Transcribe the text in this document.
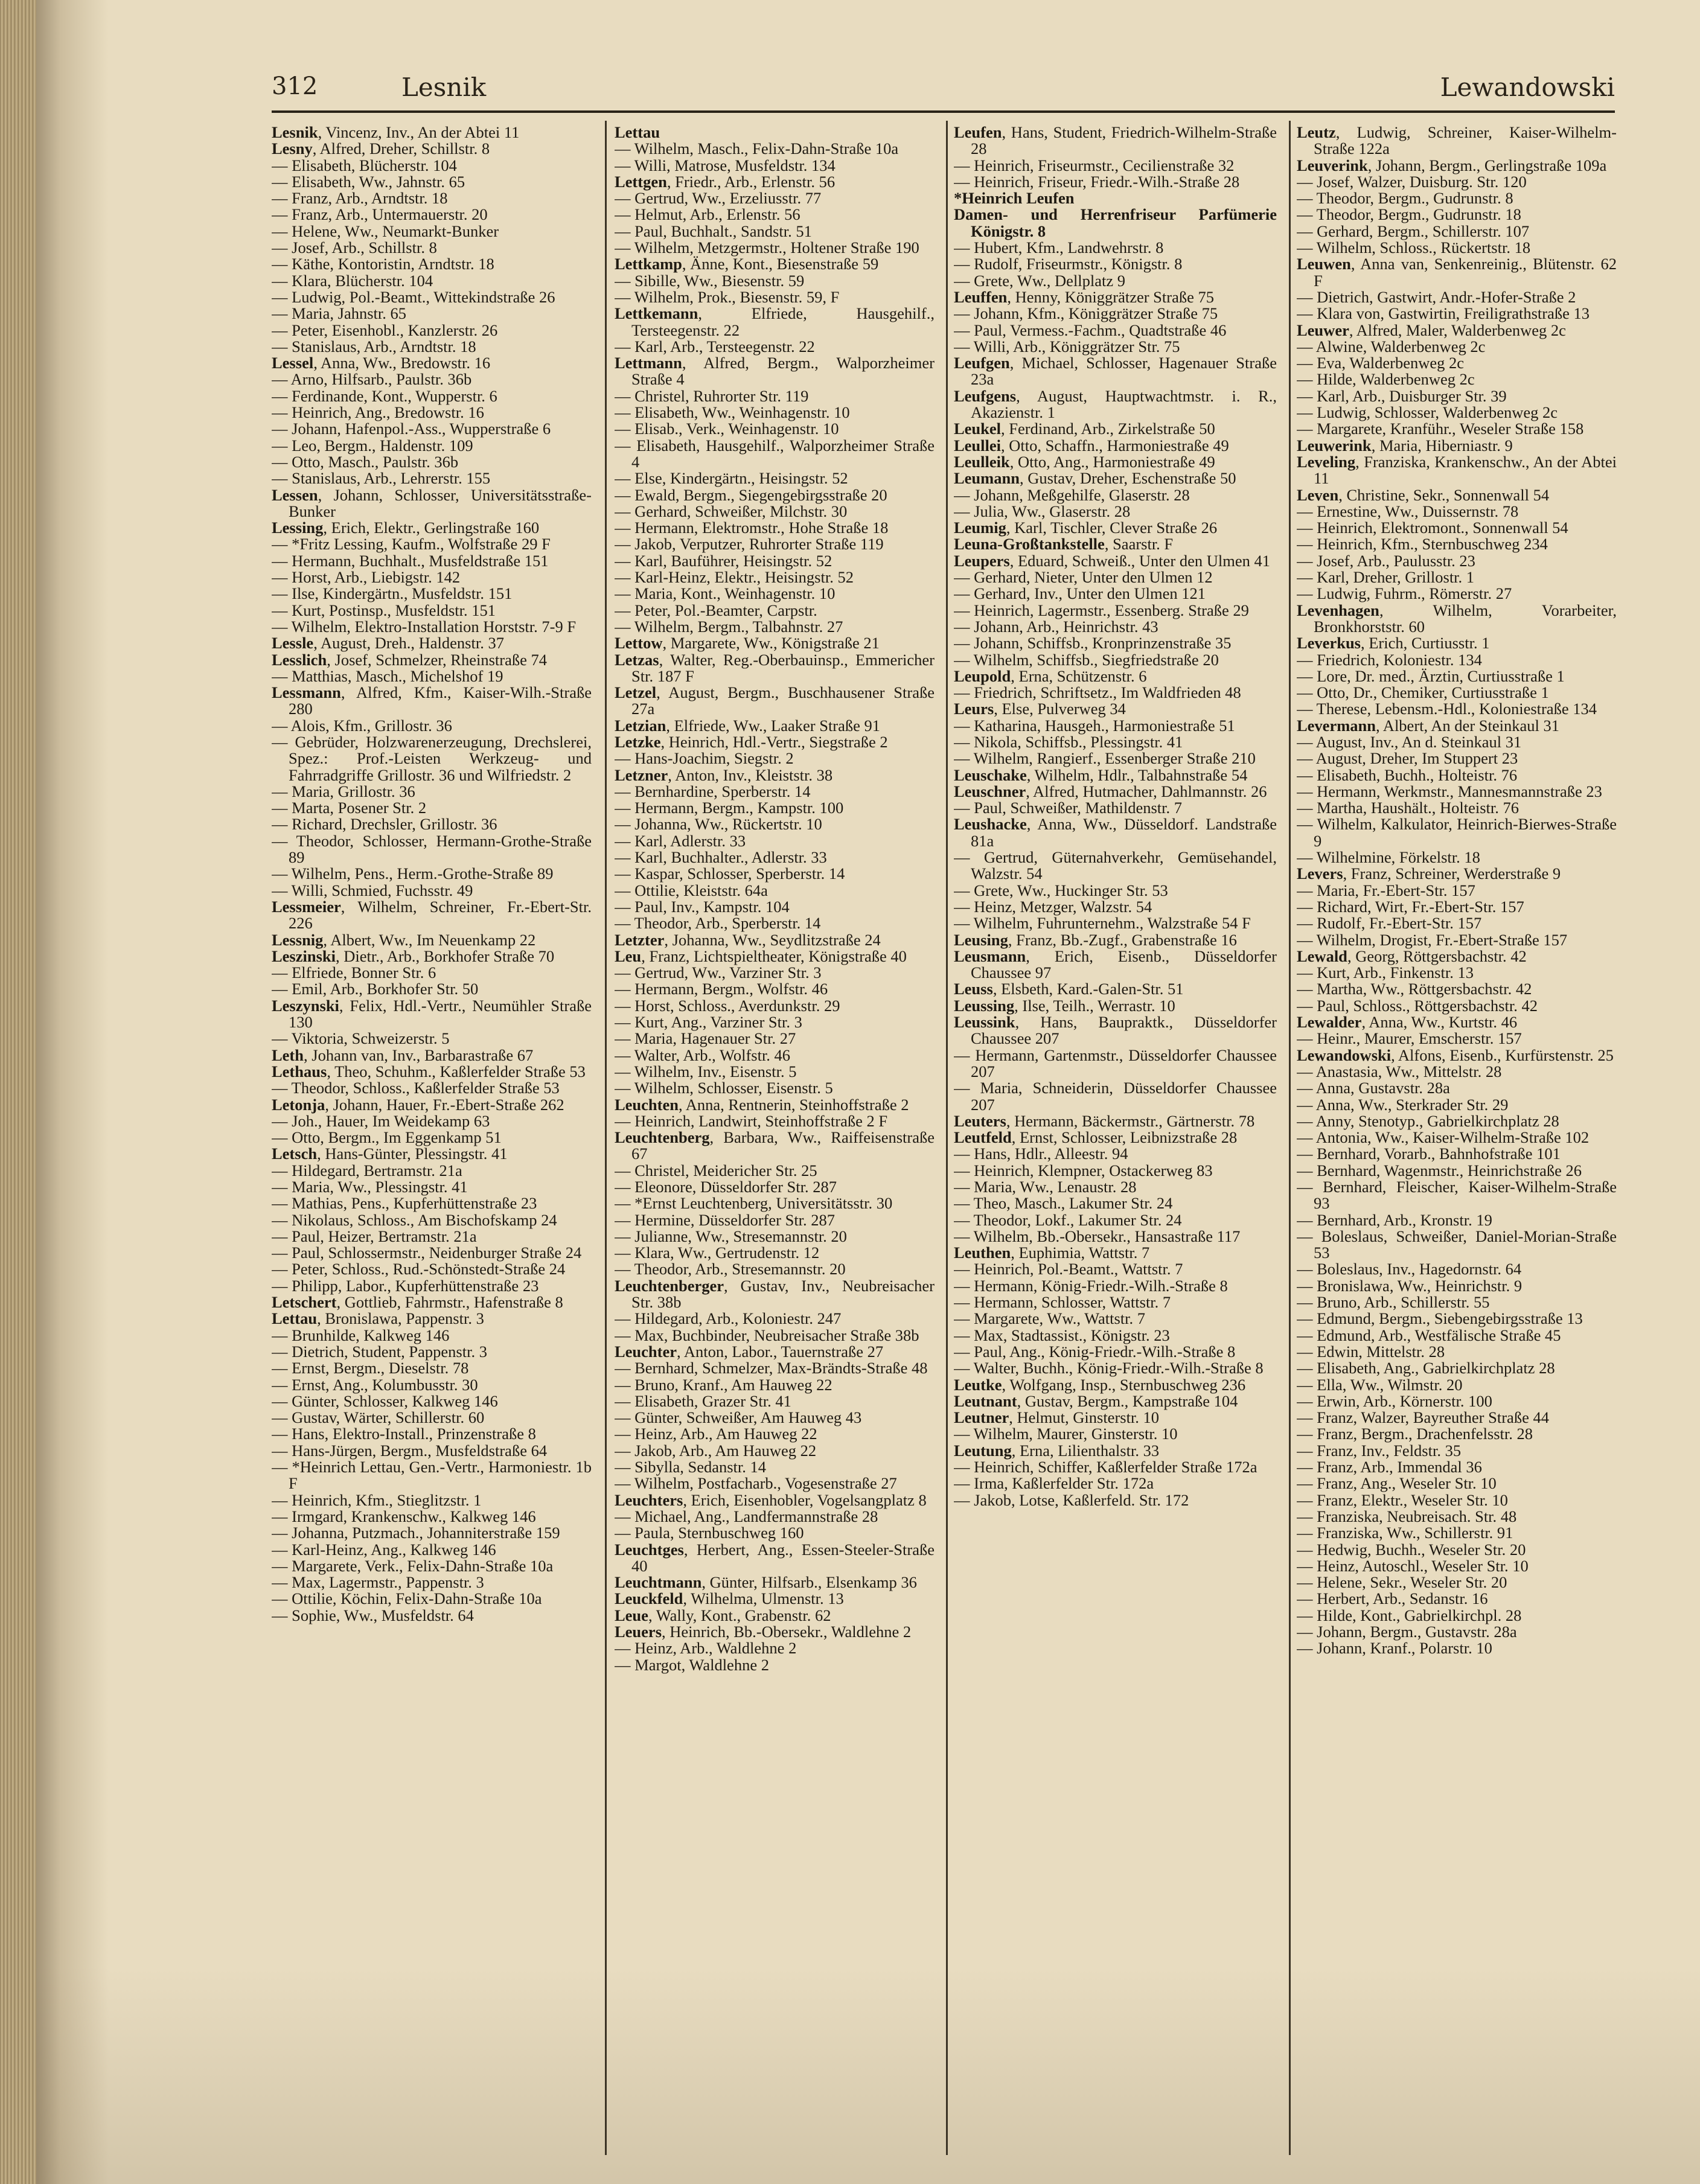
312	Lesnik	Lewandowski
Lesnik, Vincenz, Inv., An der Abtei 11
Lesny, Alfred, Dreher, Schillstr. 8
— Elisabeth, Blücherstr. 104
— Elisabeth, Ww., Jahnstr. 65
— Franz, Arb., Arndtstr. 18
— Franz, Arb., Untermauerstr. 20
— Helene, Ww., Neumarkt-Bunker
— Josef, Arb., Schillstr. 8
— Käthe, Kontoristin, Arndtstr. 18
— Klara, Blücherstr. 104
— Ludwig, Pol.-Beamt., Wittekindstraße 26
— Maria, Jahnstr. 65
— Peter, Eisenhobl., Kanzlerstr. 26
— Stanislaus, Arb., Arndtstr. 18
Lessel, Anna, Ww., Bredowstr. 16
— Arno, Hilfsarb., Paulstr. 36b
— Ferdinande, Kont., Wupperstr. 6
— Heinrich, Ang., Bredowstr. 16
— Johann, Hafenpol.-Ass., Wupperstraße 6
— Leo, Bergm., Haldenstr. 109
— Otto, Masch., Paulstr. 36b
— Stanislaus, Arb., Lehrerstr. 155
Lessen, Johann, Schlosser, Universitätsstraße-Bunker
Lessing, Erich, Elektr., Gerlingstraße 160
— *Fritz Lessing, Kaufm., Wolfstraße 29 F
— Hermann, Buchhalt., Musfeldstraße 151
— Horst, Arb., Liebigstr. 142
— Ilse, Kindergärtn., Musfeldstr. 151
— Kurt, Postinsp., Musfeldstr. 151
— Wilhelm, Elektro-Installation Horststr. 7-9 F
Lessle, August, Dreh., Haldenstr. 37
Lesslich, Josef, Schmelzer, Rheinstraße 74
— Matthias, Masch., Michelshof 19
Lessmann, Alfred, Kfm., Kaiser-Wilh.-Straße 280
— Alois, Kfm., Grillostr. 36
— Gebrüder, Holzwarenerzeugung, Drechslerei, Spez.: Prof.-Leisten Werkzeug- und Fahrradgriffe Grillostr. 36 und Wilfriedstr. 2
— Maria, Grillostr. 36
— Marta, Posener Str. 2
— Richard, Drechsler, Grillostr. 36
— Theodor, Schlosser, Hermann-Grothe-Straße 89
— Wilhelm, Pens., Herm.-Grothe-Straße 89
— Willi, Schmied, Fuchsstr. 49
Lessmeier, Wilhelm, Schreiner, Fr.-Ebert-Str. 226
Lessnig, Albert, Ww., Im Neuenkamp 22
Leszinski, Dietr., Arb., Borkhofer Straße 70
— Elfriede, Bonner Str. 6
— Emil, Arb., Borkhofer Str. 50
Leszynski, Felix, Hdl.-Vertr., Neumühler Straße 130
— Viktoria, Schweizerstr. 5
Leth, Johann van, Inv., Barbarastraße 67
Lethaus, Theo, Schuhm., Kaßlerfelder Straße 53
— Theodor, Schloss., Kaßlerfelder Straße 53
Letonja, Johann, Hauer, Fr.-Ebert-Straße 262
— Joh., Hauer, Im Weidekamp 63
— Otto, Bergm., Im Eggenkamp 51
Letsch, Hans-Günter, Plessingstr. 41
— Hildegard, Bertramstr. 21a
— Maria, Ww., Plessingstr. 41
— Mathias, Pens., Kupferhüttenstraße 23
— Nikolaus, Schloss., Am Bischofskamp 24
— Paul, Heizer, Bertramstr. 21a
— Paul, Schlossermstr., Neidenburger Straße 24
— Peter, Schloss., Rud.-Schönstedt-Straße 24
— Philipp, Labor., Kupferhüttenstraße 23
Letschert, Gottlieb, Fahrmstr., Hafenstraße 8
Lettau, Bronislawa, Pappenstr. 3
— Brunhilde, Kalkweg 146
— Dietrich, Student, Pappenstr. 3
— Ernst, Bergm., Dieselstr. 78
— Ernst, Ang., Kolumbusstr. 30
— Günter, Schlosser, Kalkweg 146
— Gustav, Wärter, Schillerstr. 60
— Hans, Elektro-Install., Prinzenstraße 8
— Hans-Jürgen, Bergm., Musfeldstraße 64
— *Heinrich Lettau, Gen.-Vertr., Harmoniestr. 1b F
— Heinrich, Kfm., Stieglitzstr. 1
— Irmgard, Krankenschw., Kalkweg 146
— Johanna, Putzmach., Johanniterstraße 159
— Karl-Heinz, Ang., Kalkweg 146
— Margarete, Verk., Felix-Dahn-Straße 10a
— Max, Lagermstr., Pappenstr. 3
— Ottilie, Köchin, Felix-Dahn-Straße 10a
— Sophie, Ww., Musfeldstr. 64
Lettau
— Wilhelm, Masch., Felix-Dahn-Straße 10a
— Willi, Matrose, Musfeldstr. 134
Lettgen, Friedr., Arb., Erlenstr. 56
— Gertrud, Ww., Erzeliusstr. 77
— Helmut, Arb., Erlenstr. 56
— Paul, Buchhalt., Sandstr. 51
— Wilhelm, Metzgermstr., Holtener Straße 190
Lettkamp, Änne, Kont., Biesenstraße 59
— Sibille, Ww., Biesenstr. 59
— Wilhelm, Prok., Biesenstr. 59, F
Lettkemann, Elfriede, Hausgehilf., Tersteegenstr. 22
— Karl, Arb., Tersteegenstr. 22
Lettmann, Alfred, Bergm., Walporzheimer Straße 4
— Christel, Ruhrorter Str. 119
— Elisabeth, Ww., Weinhagenstr. 10
— Elisab., Verk., Weinhagenstr. 10
— Elisabeth, Hausgehilf., Walporzheimer Straße 4
— Else, Kindergärtn., Heisingstr. 52
— Ewald, Bergm., Siegengebirgsstraße 20
— Gerhard, Schweißer, Milchstr. 30
— Hermann, Elektromstr., Hohe Straße 18
— Jakob, Verputzer, Ruhrorter Straße 119
— Karl, Bauführer, Heisingstr. 52
— Karl-Heinz, Elektr., Heisingstr. 52
— Maria, Kont., Weinhagenstr. 10
— Peter, Pol.-Beamter, Carpstr.
— Wilhelm, Bergm., Talbahnstr. 27
Lettow, Margarete, Ww., Königstraße 21
Letzas, Walter, Reg.-Oberbauinsp., Emmericher Str. 187 F
Letzel, August, Bergm., Buschhausener Straße 27a
Letzian, Elfriede, Ww., Laaker Straße 91
Letzke, Heinrich, Hdl.-Vertr., Siegstraße 2
— Hans-Joachim, Siegstr. 2
Letzner, Anton, Inv., Kleiststr. 38
— Bernhardine, Sperberstr. 14
— Hermann, Bergm., Kampstr. 100
— Johanna, Ww., Rückertstr. 10
— Karl, Adlerstr. 33
— Karl, Buchhalter., Adlerstr. 33
— Kaspar, Schlosser, Sperberstr. 14
— Ottilie, Kleiststr. 64a
— Paul, Inv., Kampstr. 104
— Theodor, Arb., Sperberstr. 14
Letzter, Johanna, Ww., Seydlitzstraße 24
Leu, Franz, Lichtspieltheater, Königstraße 40
— Gertrud, Ww., Varziner Str. 3
— Hermann, Bergm., Wolfstr. 46
— Horst, Schloss., Averdunkstr. 29
— Kurt, Ang., Varziner Str. 3
— Maria, Hagenauer Str. 27
— Walter, Arb., Wolfstr. 46
— Wilhelm, Inv., Eisenstr. 5
— Wilhelm, Schlosser, Eisenstr. 5
Leuchten, Anna, Rentnerin, Steinhoffstraße 2
— Heinrich, Landwirt, Steinhoffstraße 2 F
Leuchtenberg, Barbara, Ww., Raiffeisenstraße 67
— Christel, Meidericher Str. 25
— Eleonore, Düsseldorfer Str. 287
— *Ernst Leuchtenberg, Universitätsstr. 30
— Hermine, Düsseldorfer Str. 287
— Julianne, Ww., Stresemannstr. 20
— Klara, Ww., Gertrudenstr. 12
— Theodor, Arb., Stresemannstr. 20
Leuchtenberger, Gustav, Inv., Neubreisacher Str. 38b
— Hildegard, Arb., Koloniestr. 247
— Max, Buchbinder, Neubreisacher Straße 38b
Leuchter, Anton, Labor., Tauernstraße 27
— Bernhard, Schmelzer, Max-Brändts-Straße 48
— Bruno, Kranf., Am Hauweg 22
— Elisabeth, Grazer Str. 41
— Günter, Schweißer, Am Hauweg 43
— Heinz, Arb., Am Hauweg 22
— Jakob, Arb., Am Hauweg 22
— Sibylla, Sedanstr. 14
— Wilhelm, Postfacharb., Vogesenstraße 27
Leuchters, Erich, Eisenhobler, Vogelsangplatz 8
— Michael, Ang., Landfermannstraße 28
— Paula, Sternbuschweg 160
Leuchtges, Herbert, Ang., Essen-Steeler-Straße 40
Leuchtmann, Günter, Hilfsarb., Elsenkamp 36
Leuckfeld, Wilhelma, Ulmenstr. 13
Leue, Wally, Kont., Grabenstr. 62
Leuers, Heinrich, Bb.-Obersekr., Waldlehne 2
— Heinz, Arb., Waldlehne 2
— Margot, Waldlehne 2
Leufen, Hans, Student, Friedrich-Wilhelm-Straße 28
— Heinrich, Friseurmstr., Cecilienstraße 32
— Heinrich, Friseur, Friedr.-Wilh.-Straße 28
*Heinrich Leufen
Damen- und Herrenfriseur Parfümerie Königstr. 8
— Hubert, Kfm., Landwehrstr. 8
— Rudolf, Friseurmstr., Königstr. 8
— Grete, Ww., Dellplatz 9
Leuffen, Henny, Königgrätzer Straße 75
— Johann, Kfm., Königgrätzer Straße 75
— Paul, Vermess.-Fachm., Quadtstraße 46
— Willi, Arb., Königgrätzer Str. 75
Leufgen, Michael, Schlosser, Hagenauer Straße 23a
Leufgens, August, Hauptwachtmstr. i. R., Akazienstr. 1
Leukel, Ferdinand, Arb., Zirkelstraße 50
Leullei, Otto, Schaffn., Harmoniestraße 49
Leulleik, Otto, Ang., Harmoniestraße 49
Leumann, Gustav, Dreher, Eschenstraße 50
— Johann, Meßgehilfe, Glaserstr. 28
— Julia, Ww., Glaserstr. 28
Leumig, Karl, Tischler, Clever Straße 26
Leuna-Großtankstelle, Saarstr. F
Leupers, Eduard, Schweiß., Unter den Ulmen 41
— Gerhard, Nieter, Unter den Ulmen 12
— Gerhard, Inv., Unter den Ulmen 121
— Heinrich, Lagermstr., Essenberg. Straße 29
— Johann, Arb., Heinrichstr. 43
— Johann, Schiffsb., Kronprinzenstraße 35
— Wilhelm, Schiffsb., Siegfriedstraße 20
Leupold, Erna, Schützenstr. 6
— Friedrich, Schriftsetz., Im Waldfrieden 48
Leurs, Else, Pulverweg 34
— Katharina, Hausgeh., Harmoniestraße 51
— Nikola, Schiffsb., Plessingstr. 41
— Wilhelm, Rangierf., Essenberger Straße 210
Leuschake, Wilhelm, Hdlr., Talbahnstraße 54
Leuschner, Alfred, Hutmacher, Dahlmannstr. 26
— Paul, Schweißer, Mathildenstr. 7
Leushacke, Anna, Ww., Düsseldorf. Landstraße 81a
— Gertrud, Güternahverkehr, Gemüsehandel, Walzstr. 54
— Grete, Ww., Huckinger Str. 53
— Heinz, Metzger, Walzstr. 54
— Wilhelm, Fuhrunternehm., Walzstraße 54 F
Leusing, Franz, Bb.-Zugf., Grabenstraße 16
Leusmann, Erich, Eisenb., Düsseldorfer Chaussee 97
Leuss, Elsbeth, Kard.-Galen-Str. 51
Leussing, Ilse, Teilh., Werrastr. 10
Leussink, Hans, Baupraktk., Düsseldorfer Chaussee 207
— Hermann, Gartenmstr., Düsseldorfer Chaussee 207
— Maria, Schneiderin, Düsseldorfer Chaussee 207
Leuters, Hermann, Bäckermstr., Gärtnerstr. 78
Leutfeld, Ernst, Schlosser, Leibnizstraße 28
— Hans, Hdlr., Alleestr. 94
— Heinrich, Klempner, Ostackerweg 83
— Maria, Ww., Lenaustr. 28
— Theo, Masch., Lakumer Str. 24
— Theodor, Lokf., Lakumer Str. 24
— Wilhelm, Bb.-Obersekr., Hansastraße 117
Leuthen, Euphimia, Wattstr. 7
— Heinrich, Pol.-Beamt., Wattstr. 7
— Hermann, König-Friedr.-Wilh.-Straße 8
— Hermann, Schlosser, Wattstr. 7
— Margarete, Ww., Wattstr. 7
— Max, Stadtassist., Königstr. 23
— Paul, Ang., König-Friedr.-Wilh.-Straße 8
— Walter, Buchh., König-Friedr.-Wilh.-Straße 8
Leutke, Wolfgang, Insp., Sternbuschweg 236
Leutnant, Gustav, Bergm., Kampstraße 104
Leutner, Helmut, Ginsterstr. 10
— Wilhelm, Maurer, Ginsterstr. 10
Leutung, Erna, Lilienthalstr. 33
— Heinrich, Schiffer, Kaßlerfelder Straße 172a
— Irma, Kaßlerfelder Str. 172a
— Jakob, Lotse, Kaßlerfeld. Str. 172
Leutz, Ludwig, Schreiner, Kaiser-Wilhelm-Straße 122a
Leuverink, Johann, Bergm., Gerlingstraße 109a
— Josef, Walzer, Duisburg. Str. 120
— Theodor, Bergm., Gudrunstr. 8
— Theodor, Bergm., Gudrunstr. 18
— Gerhard, Bergm., Schillerstr. 107
— Wilhelm, Schloss., Rückertstr. 18
Leuwen, Anna van, Senkenreinig., Blütenstr. 62 F
— Dietrich, Gastwirt, Andr.-Hofer-Straße 2
— Klara von, Gastwirtin, Freiligrathstraße 13
Leuwer, Alfred, Maler, Walderbenweg 2c
— Alwine, Walderbenweg 2c
— Eva, Walderbenweg 2c
— Hilde, Walderbenweg 2c
— Karl, Arb., Duisburger Str. 39
— Ludwig, Schlosser, Walderbenweg 2c
— Margarete, Kranführ., Weseler Straße 158
Leuwerink, Maria, Hiberniastr. 9
Leveling, Franziska, Krankenschw., An der Abtei 11
Leven, Christine, Sekr., Sonnenwall 54
— Ernestine, Ww., Duissernstr. 78
— Heinrich, Elektromont., Sonnenwall 54
— Heinrich, Kfm., Sternbuschweg 234
— Josef, Arb., Paulusstr. 23
— Karl, Dreher, Grillostr. 1
— Ludwig, Fuhrm., Römerstr. 27
Levenhagen, Wilhelm, Vorarbeiter, Bronkhorststr. 60
Leverkus, Erich, Curtiusstr. 1
— Friedrich, Koloniestr. 134
— Lore, Dr. med., Ärztin, Curtiusstraße 1
— Otto, Dr., Chemiker, Curtiusstraße 1
— Therese, Lebensm.-Hdl., Koloniestraße 134
Levermann, Albert, An der Steinkaul 31
— August, Inv., An d. Steinkaul 31
— August, Dreher, Im Stuppert 23
— Elisabeth, Buchh., Holteistr. 76
— Hermann, Werkmstr., Mannesmannstraße 23
— Martha, Haushält., Holteistr. 76
— Wilhelm, Kalkulator, Heinrich-Bierwes-Straße 9
— Wilhelmine, Förkelstr. 18
Levers, Franz, Schreiner, Werderstraße 9
— Maria, Fr.-Ebert-Str. 157
— Richard, Wirt, Fr.-Ebert-Str. 157
— Rudolf, Fr.-Ebert-Str. 157
— Wilhelm, Drogist, Fr.-Ebert-Straße 157
Lewald, Georg, Röttgersbachstr. 42
— Kurt, Arb., Finkenstr. 13
— Martha, Ww., Röttgersbachstr. 42
— Paul, Schloss., Röttgersbachstr. 42
Lewalder, Anna, Ww., Kurtstr. 46
— Heinr., Maurer, Emscherstr. 157
Lewandowski, Alfons, Eisenb., Kurfürstenstr. 25
— Anastasia, Ww., Mittelstr. 28
— Anna, Gustavstr. 28a
— Anna, Ww., Sterkrader Str. 29
— Anny, Stenotyp., Gabrielkirchplatz 28
— Antonia, Ww., Kaiser-Wilhelm-Straße 102
— Bernhard, Vorarb., Bahnhofstraße 101
— Bernhard, Wagenmstr., Heinrichstraße 26
— Bernhard, Fleischer, Kaiser-Wilhelm-Straße 93
— Bernhard, Arb., Kronstr. 19
— Boleslaus, Schweißer, Daniel-Morian-Straße 53
— Boleslaus, Inv., Hagedornstr. 64
— Bronislawa, Ww., Heinrichstr. 9
— Bruno, Arb., Schillerstr. 55
— Edmund, Bergm., Siebengebirgsstraße 13
— Edmund, Arb., Westfälische Straße 45
— Edwin, Mittelstr. 28
— Elisabeth, Ang., Gabrielkirchplatz 28
— Ella, Ww., Wilmstr. 20
— Erwin, Arb., Körnerstr. 100
— Franz, Walzer, Bayreuther Straße 44
— Franz, Bergm., Drachenfelsstr. 28
— Franz, Inv., Feldstr. 35
— Franz, Arb., Immendal 36
— Franz, Ang., Weseler Str. 10
— Franz, Elektr., Weseler Str. 10
— Franziska, Neubreisach. Str. 48
— Franziska, Ww., Schillerstr. 91
— Hedwig, Buchh., Weseler Str. 20
— Heinz, Autoschl., Weseler Str. 10
— Helene, Sekr., Weseler Str. 20
— Herbert, Arb., Sedanstr. 16
— Hilde, Kont., Gabrielkirchpl. 28
— Johann, Bergm., Gustavstr. 28a
— Johann, Kranf., Polarstr. 10
